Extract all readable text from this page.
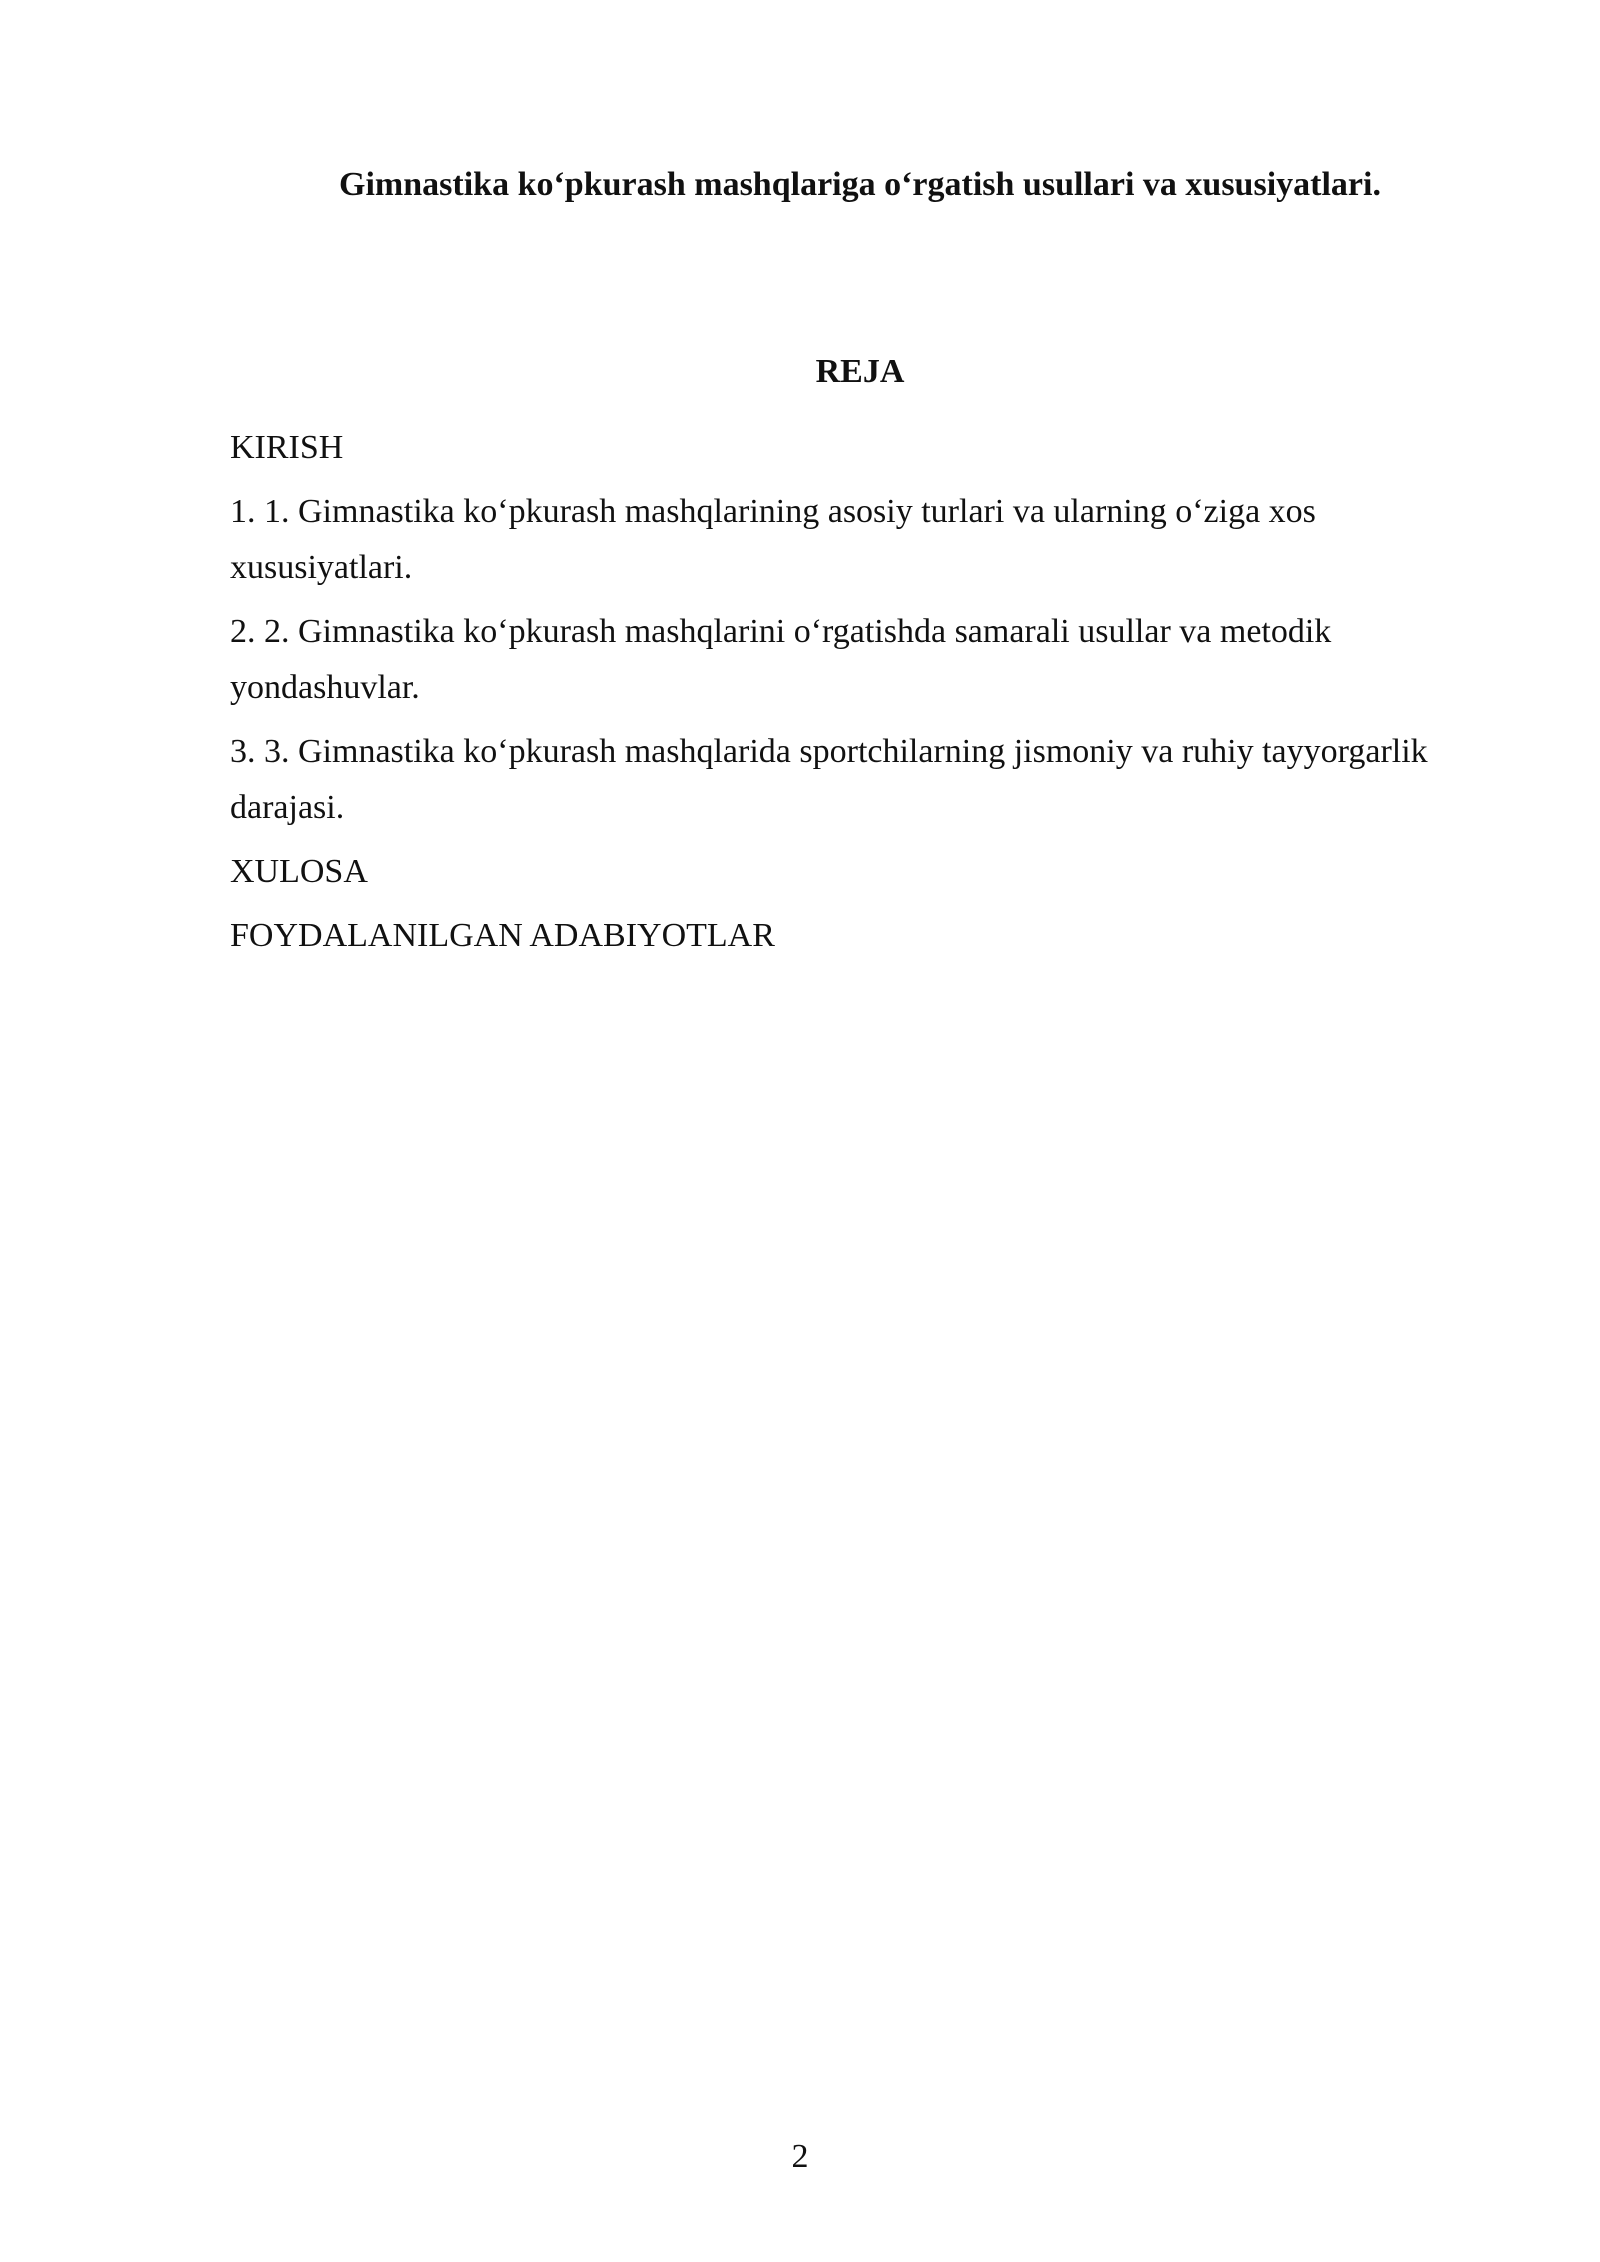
Gimnastika ko‘pkurash mashqlariga o‘rgatish usullari va xususiyatlari.
REJA
KIRISH
1. 1. Gimnastika ko‘pkurash mashqlarining asosiy turlari va ularning o‘ziga xos xususiyatlari.
2. 2. Gimnastika ko‘pkurash mashqlarini o‘rgatishda samarali usullar va metodik yondashuvlar.
3. 3. Gimnastika ko‘pkurash mashqlarida sportchilarning jismoniy va ruhiy tayyorgarlik darajasi.
XULOSA
FOYDALANILGAN ADABIYOTLAR
2
